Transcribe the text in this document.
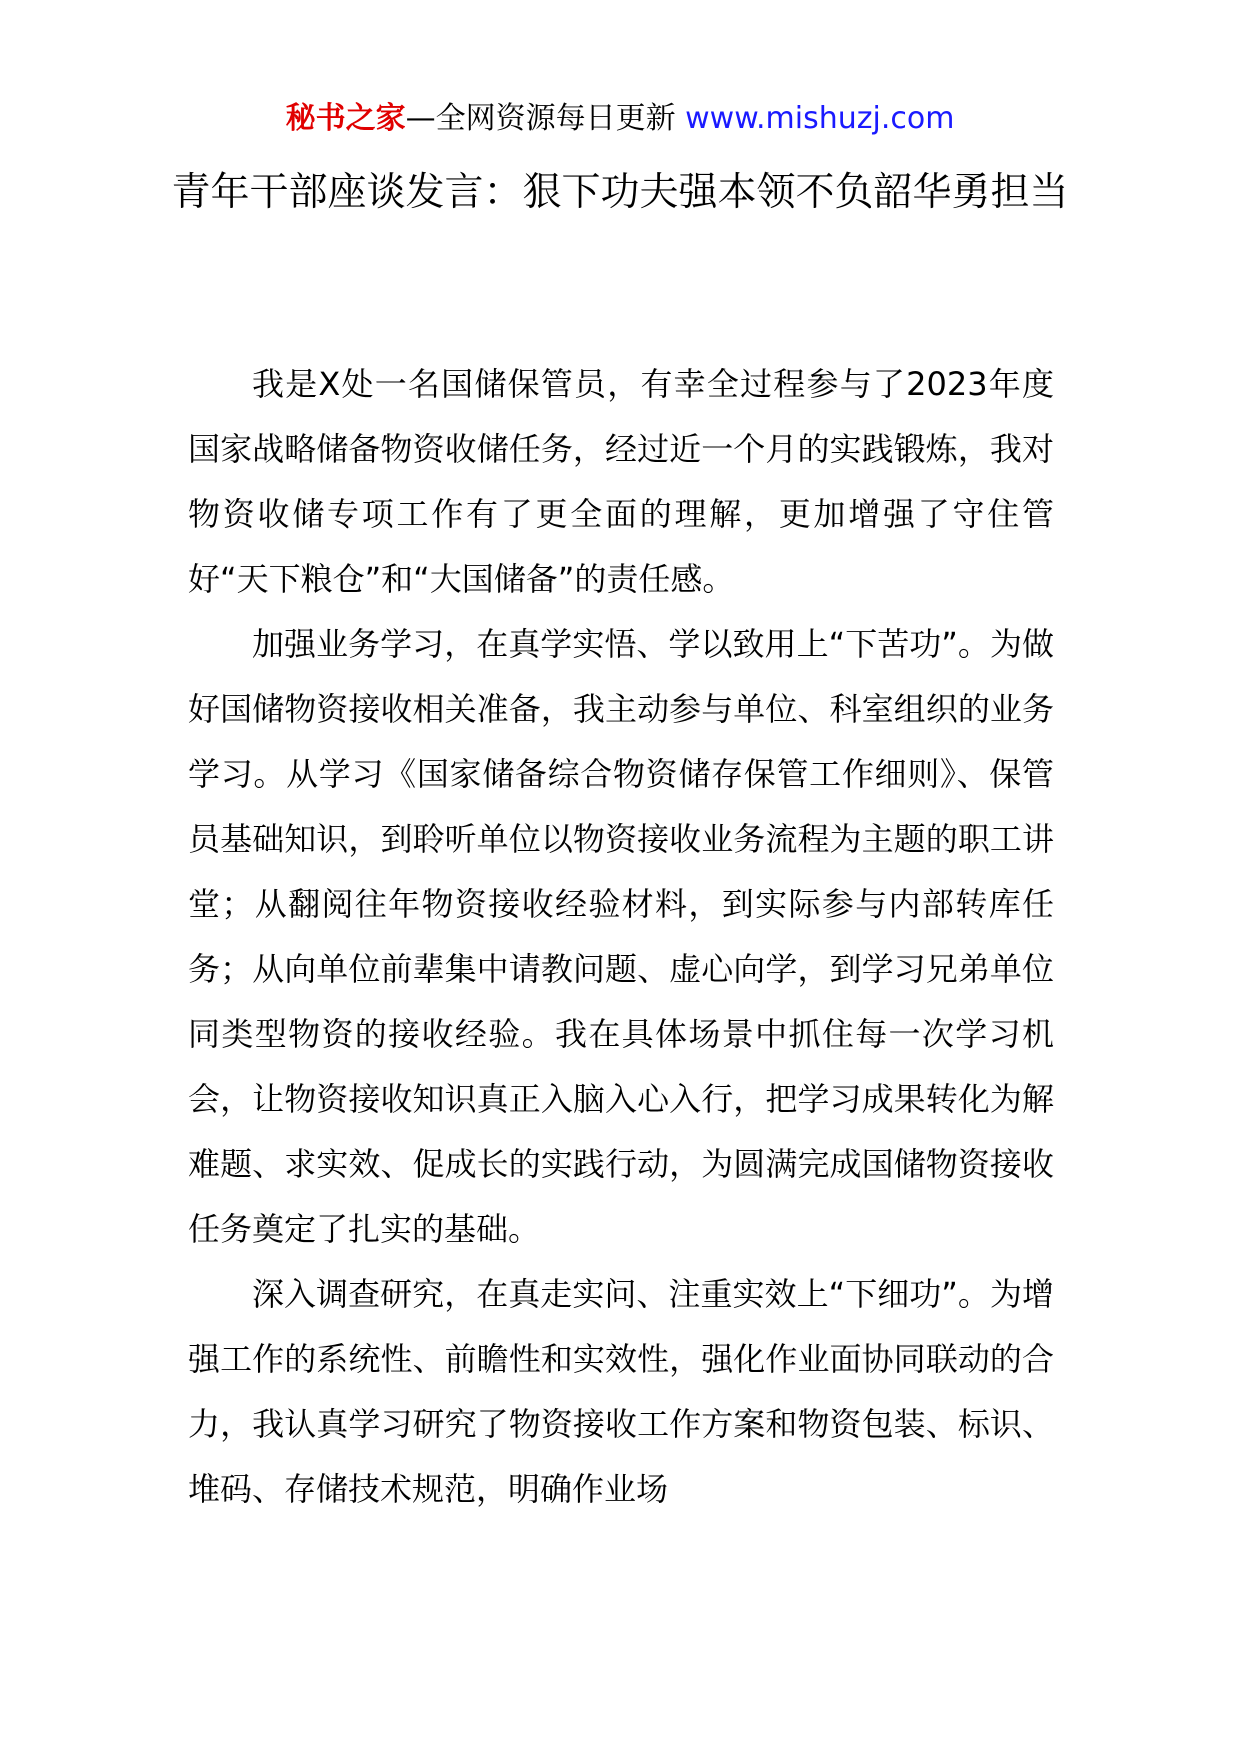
秘书之家—全网资源每日更新 www.mishuzj.com
青年干部座谈发言：狠下功夫强本领不负韶华勇担当

我是X处一名国储保管员，有幸全过程参与了2023年度国家战略储备物资收储任务，经过近一个月的实践锻炼，我对物资收储专项工作有了更全面的理解，更加增强了守住管好“天下粮仓”和“大国储备”的责任感。

加强业务学习，在真学实悟、学以致用上“下苦功”。为做好国储物资接收相关准备，我主动参与单位、科室组织的业务学习。从学习《国家储备综合物资储存保管工作细则》、保管员基础知识，到聆听单位以物资接收业务流程为主题的职工讲堂；从翻阅往年物资接收经验材料，到实际参与内部转库任务；从向单位前辈集中请教问题、虚心向学，到学习兄弟单位同类型物资的接收经验。我在具体场景中抓住每一次学习机会，让物资接收知识真正入脑入心入行，把学习成果转化为解难题、求实效、促成长的实践行动，为圆满完成国储物资接收任务奠定了扎实的基础。

深入调查研究，在真走实问、注重实效上“下细功”。为增强工作的系统性、前瞻性和实效性，强化作业面协同联动的合力，我认真学习研究了物资接收工作方案和物资包装、标识、堆码、存储技术规范，明确作业场
